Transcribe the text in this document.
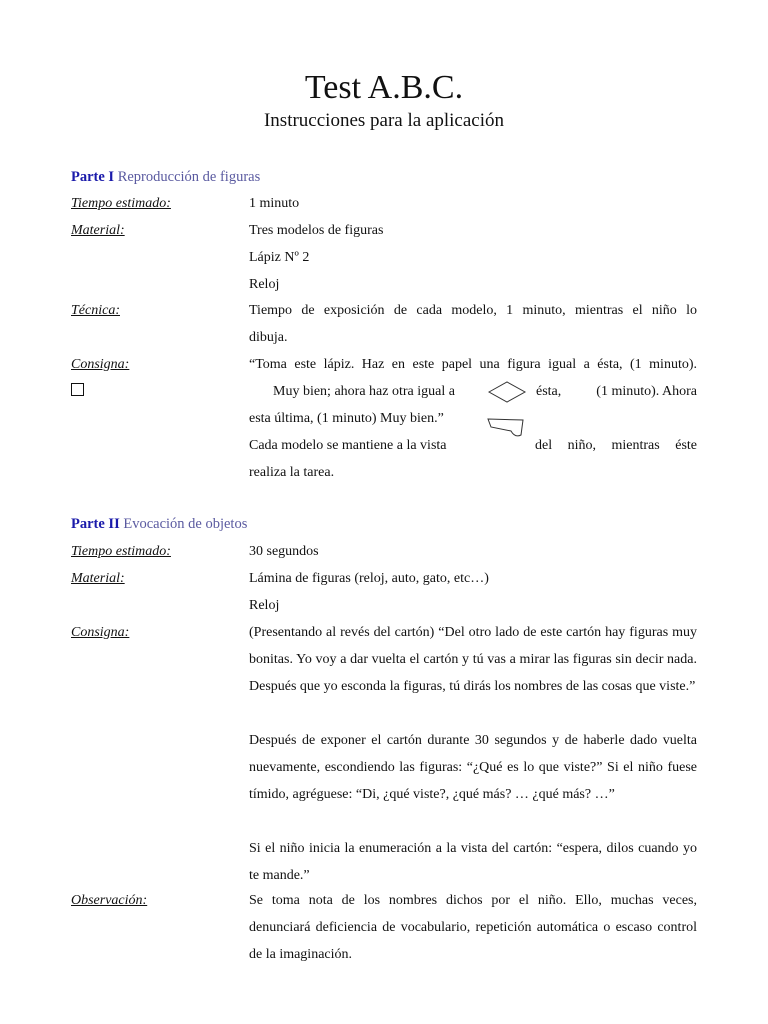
Test A.B.C.
Instrucciones para la aplicación
Parte I Reproducción de figuras
Tiempo estimado:	1 minuto
Material:	Tres modelos de figuras
Lápiz Nº 2
Reloj
Técnica:	Tiempo de exposición de cada modelo, 1 minuto, mientras el niño lo
dibuja.
Consigna:	“Toma este lápiz. Haz en este papel una figura igual a ésta, (1 minuto).
Muy bien; ahora haz otra igual a	ésta,	(1 minuto). Ahora
esta última, (1 minuto) Muy bien.”
Cada modelo se mantiene a la vista	del niño, mientras éste
realiza la tarea.
Parte II Evocación de objetos
Tiempo estimado:	30 segundos
Material:	Lámina de figuras (reloj, auto, gato, etc…)
Reloj
Consigna:	(Presentando al revés del cartón) “Del otro lado de este cartón hay figuras muy bonitas. Yo voy a dar vuelta el cartón y tú vas a mirar las figuras sin decir nada. Después que yo esconda la figuras, tú dirás los nombres de las cosas que viste.”
Después de exponer el cartón durante 30 segundos y de haberle dado vuelta nuevamente, escondiendo las figuras: “¿Qué es lo que viste?” Si el niño fuese tímido, agréguese: “Di, ¿qué viste?, ¿qué más? … ¿qué más? …”
Si el niño inicia la enumeración a la vista del cartón: “espera, dilos cuando yo te mande.”
Observación:	Se toma nota de los nombres dichos por el niño. Ello, muchas veces, denunciará deficiencia de vocabulario, repetición automática o escaso control de la imaginación.
